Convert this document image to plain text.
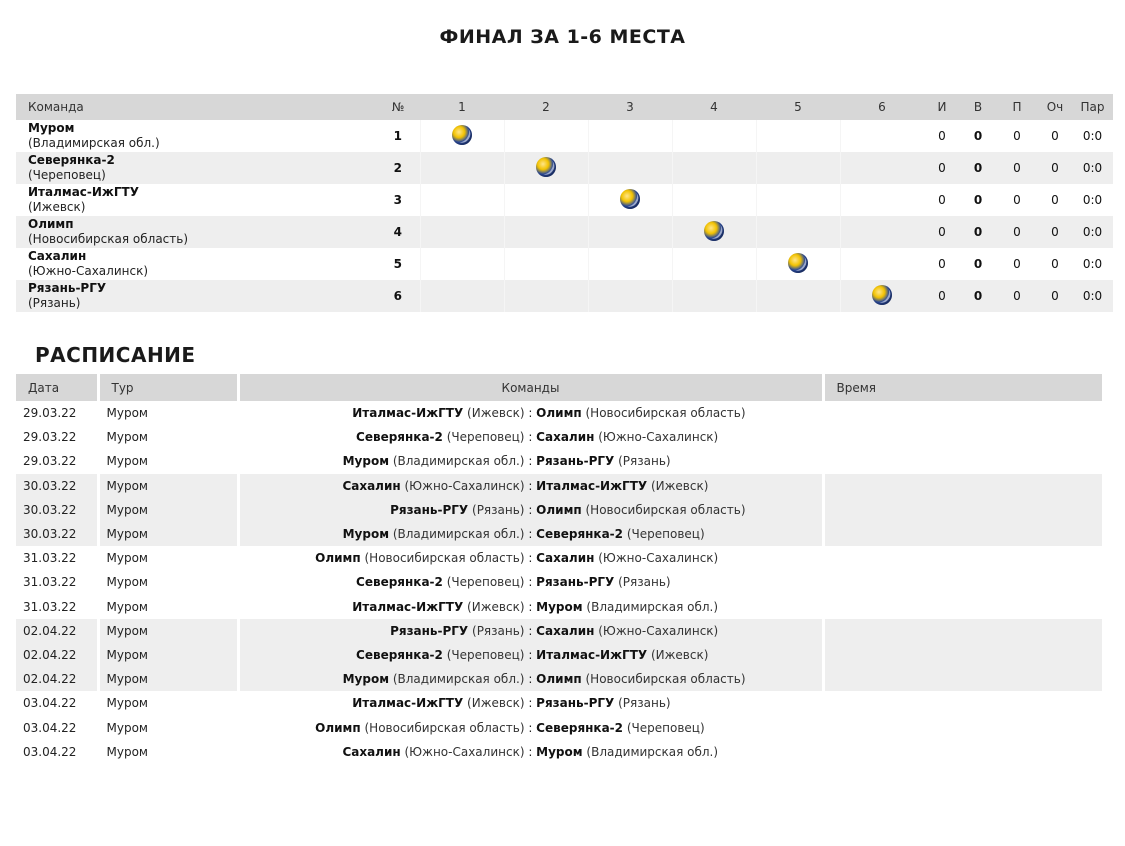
ФИНАЛ ЗА 1-6 МЕСТА
Команда	№	1	2	3	4	5	6	И	В	П	Оч	Пар

Муром
(Владимирская обл.)	1							0	0	0	0	0:0

Северянка-2
(Череповец)	2							0	0	0	0	0:0

Италмас-ИжГТУ
(Ижевск)	3							0	0	0	0	0:0

Олимп
(Новосибирская область)	4							0	0	0	0	0:0

Сахалин
(Южно-Сахалинск)	5							0	0	0	0	0:0

Рязань-РГУ
(Рязань)	6							0	0	0	0	0:0
РАСПИСАНИЕ
Дата	Тур	Команды	Время
29.03.22	Муром	Италмас-ИжГТУ (Ижевск) : Олимп (Новосибирская область)	
29.03.22	Муром	Северянка-2 (Череповец) : Сахалин (Южно-Сахалинск)	
29.03.22	Муром	Муром (Владимирская обл.) : Рязань-РГУ (Рязань)	
30.03.22	Муром	Сахалин (Южно-Сахалинск) : Италмас-ИжГТУ (Ижевск)	
30.03.22	Муром	Рязань-РГУ (Рязань) : Олимп (Новосибирская область)	
30.03.22	Муром	Муром (Владимирская обл.) : Северянка-2 (Череповец)	
31.03.22	Муром	Олимп (Новосибирская область) : Сахалин (Южно-Сахалинск)	
31.03.22	Муром	Северянка-2 (Череповец) : Рязань-РГУ (Рязань)	
31.03.22	Муром	Италмас-ИжГТУ (Ижевск) : Муром (Владимирская обл.)	
02.04.22	Муром	Рязань-РГУ (Рязань) : Сахалин (Южно-Сахалинск)	
02.04.22	Муром	Северянка-2 (Череповец) : Италмас-ИжГТУ (Ижевск)	
02.04.22	Муром	Муром (Владимирская обл.) : Олимп (Новосибирская область)	
03.04.22	Муром	Италмас-ИжГТУ (Ижевск) : Рязань-РГУ (Рязань)	
03.04.22	Муром	Олимп (Новосибирская область) : Северянка-2 (Череповец)	
03.04.22	Муром	Сахалин (Южно-Сахалинск) : Муром (Владимирская обл.)	
